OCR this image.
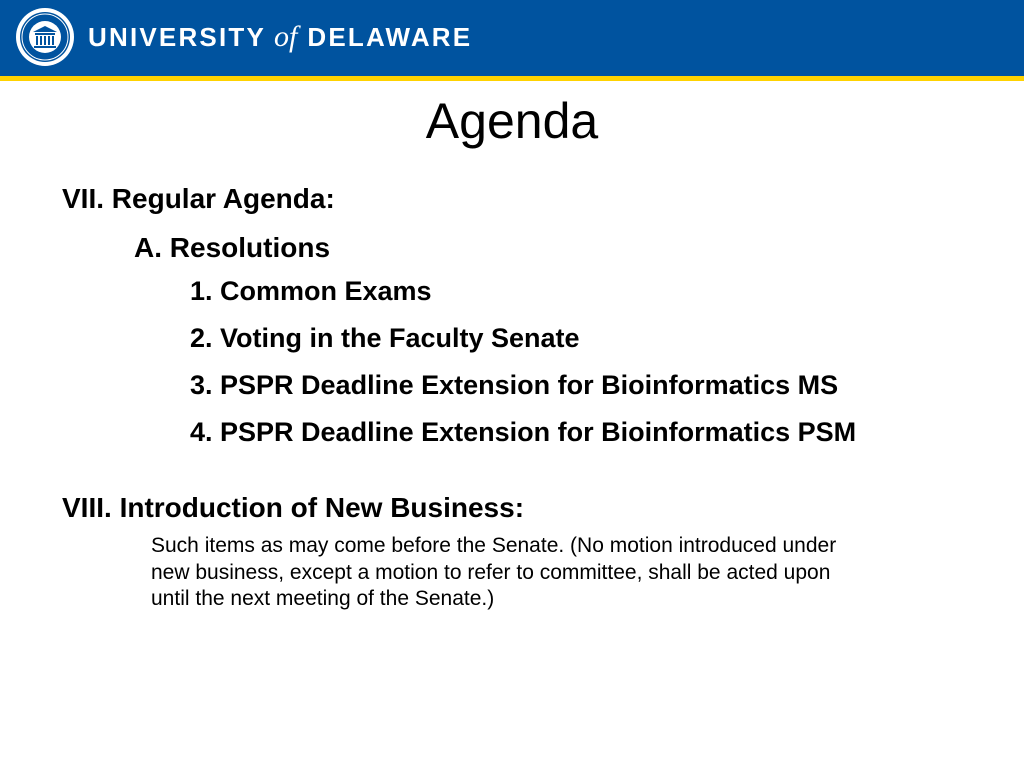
UNIVERSITY of DELAWARE
Agenda

VII. Regular Agenda:

A. Resolutions

1. Common Exams

2. Voting in the Faculty Senate

3. PSPR Deadline Extension for Bioinformatics MS

4. PSPR Deadline Extension for Bioinformatics PSM

VIII. Introduction of New Business:

Such items as may come before the Senate. (No motion introduced under
new business, except a motion to refer to committee, shall be acted upon
until the next meeting of the Senate.)
